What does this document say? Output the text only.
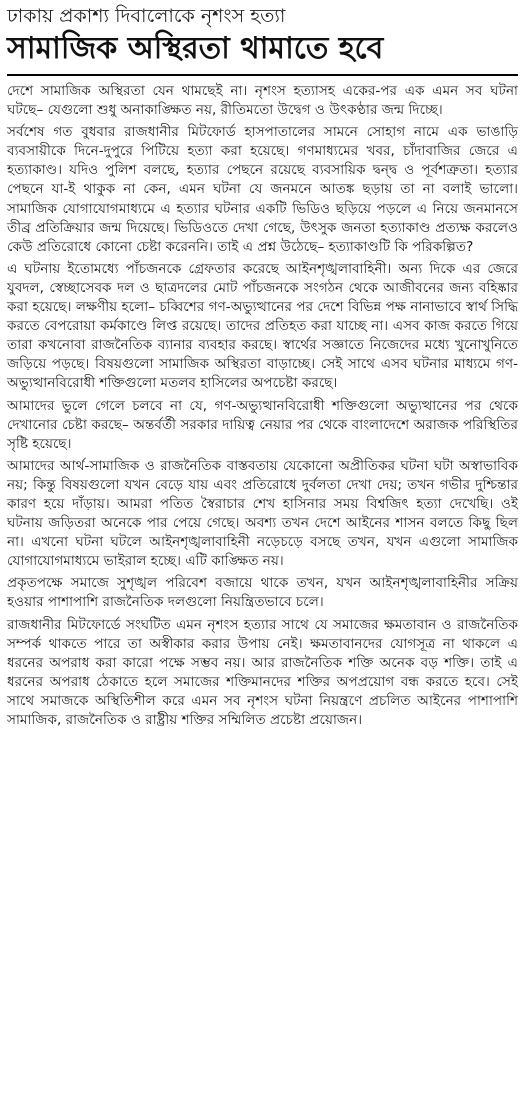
ঢাকায় প্রকাশ্য দিবালোকে নৃশংস হত্যা
সামাজিক অস্থিরতা থামাতে হবে

দেশে সামাজিক অস্থিরতা যেন থামছেই না। নৃশংস হত্যাসহ একের-পর এক এমন সব ঘটনা ঘটছে– যেগুলো শুধু অনাকাঙ্ক্ষিত নয়, রীতিমতো উদ্বেগ ও উৎকণ্ঠার জন্ম দিচ্ছে।

সর্বশেষ গত বুধবার রাজধানীর মিটফোর্ড হাসপাতালের সামনে সোহাগ নামে এক ভাঙাড়ি ব্যবসায়ীকে দিনে-দুপুরে পিটিয়ে হত্যা করা হয়েছে। গণমাধ্যমের খবর, চাঁদাবাজির জেরে এ হত্যাকাণ্ড। যদিও পুলিশ বলছে, হত্যার পেছনে রয়েছে ব্যবসায়িক দ্বন্দ্ব ও পূর্বশত্রুতা। হত্যার পেছনে যা-ই থাকুক না কেন, এমন ঘটনা যে জনমনে আতঙ্ক ছড়ায় তা না বলাই ভালো। সামাজিক যোগাযোগমাধ্যমে এ হত্যার ঘটনার একটি ভিডিও ছড়িয়ে পড়লে এ নিয়ে জনমানসে তীব্র প্রতিক্রিয়ার জন্ম দিয়েছে। ভিডিওতে দেখা গেছে, উৎসুক জনতা হত্যাকাণ্ড প্রত্যক্ষ করলেও কেউ প্রতিরোধে কোনো চেষ্টা করেননি। তাই এ প্রশ্ন উঠেছে– হত্যাকাণ্ডটি কি পরিকল্পিত?

এ ঘটনায় ইতোমধ্যে পাঁচজনকে গ্রেফতার করেছে আইনশৃঙ্খলাবাহিনী। অন্য দিকে এর জেরে যুবদল, স্বেচ্ছাসেবক দল ও ছাত্রদলের মোট পাঁচজনকে সংগঠন থেকে আজীবনের জন্য বহিষ্কার করা হয়েছে। লক্ষণীয় হলো– চব্বিশের গণ-অভ্যুত্থানের পর দেশে বিভিন্ন পক্ষ নানাভাবে স্বার্থ সিদ্ধি করতে বেপরোয়া কর্মকাণ্ডে লিপ্ত রয়েছে। তাদের প্রতিহত করা যাচ্ছে না। এসব কাজ করতে গিয়ে তারা কখনোবা রাজনৈতিক ব্যানার ব্যবহার করছে। স্বার্থের সজ্ঞাতে নিজেদের মধ্যে খুনোখুনিতে জড়িয়ে পড়ছে। বিষয়গুলো সামাজিক অস্থিরতা বাড়াচ্ছে। সেই সাথে এসব ঘটনার মাধ্যমে গণ-অভ্যুত্থানবিরোধী শক্তিগুলো মতলব হাসিলের অপচেষ্টা করছে।

আমাদের ভুলে গেলে চলবে না যে, গণ-অভ্যুত্থানবিরোধী শক্তিগুলো অভ্যুত্থানের পর থেকে দেখানোর চেষ্টা করছে– অন্তর্বর্তী সরকার দায়িত্ব নেয়ার পর থেকে বাংলাদেশে অরাজক পরিস্থিতির সৃষ্টি হয়েছে।

আমাদের আর্থ-সামাজিক ও রাজনৈতিক বাস্তবতায় যেকোনো অপ্রীতিকর ঘটনা ঘটা অস্বাভাবিক নয়; কিন্তু বিষয়গুলো যখন বেড়ে যায় এবং প্রতিরোধে দুর্বলতা দেখা দেয়; তখন গভীর দুশ্চিন্তার কারণ হয়ে দাঁড়ায়। আমরা পতিত স্বৈরাচার শেখ হাসিনার সময় বিশ্বজিৎ হত্যা দেখেছি। ওই ঘটনায় জড়িতরা অনেকে পার পেয়ে গেছে। অবশ্য তখন দেশে আইনের শাসন বলতে কিছু ছিল না। এখনো ঘটনা ঘটলে আইনশৃঙ্খলাবাহিনী নড়েচড়ে বসছে তখন, যখন এগুলো সামাজিক যোগাযোগমাধ্যমে ভাইরাল হচ্ছে। এটি কাঙ্ক্ষিত নয়।

প্রকৃতপক্ষে সমাজে সুশৃঙ্খল পরিবেশ বজায়ে থাকে তখন, যখন আইনশৃঙ্খলাবাহিনীর সক্রিয় হওয়ার পাশাপাশি রাজনৈতিক দলগুলো নিয়ন্ত্রিতভাবে চলে।

রাজধানীর মিটফোর্ডে সংঘটিত এমন নৃশংস হত্যার সাথে যে সমাজের ক্ষমতাবান ও রাজনৈতিক সম্পর্ক থাকতে পারে তা অস্বীকার করার উপায় নেই। ক্ষমতাবানদের যোগসূত্র না থাকলে এ ধরনের অপরাধ করা কারো পক্ষে সম্ভব নয়। আর রাজনৈতিক শক্তি অনেক বড় শক্তি। তাই এ ধরনের অপরাধ ঠেকাতে হলে সমাজের শক্তিমানদের শক্তির অপপ্রয়োগ বন্ধ করতে হবে। সেই সাথে সমাজকে অস্থিতিশীল করে এমন সব নৃশংস ঘটনা নিয়ন্ত্রণে প্রচলিত আইনের পাশাপাশি সামাজিক, রাজনৈতিক ও রাষ্ট্রীয় শক্তির সম্মিলিত প্রচেষ্টা প্রয়োজন।
